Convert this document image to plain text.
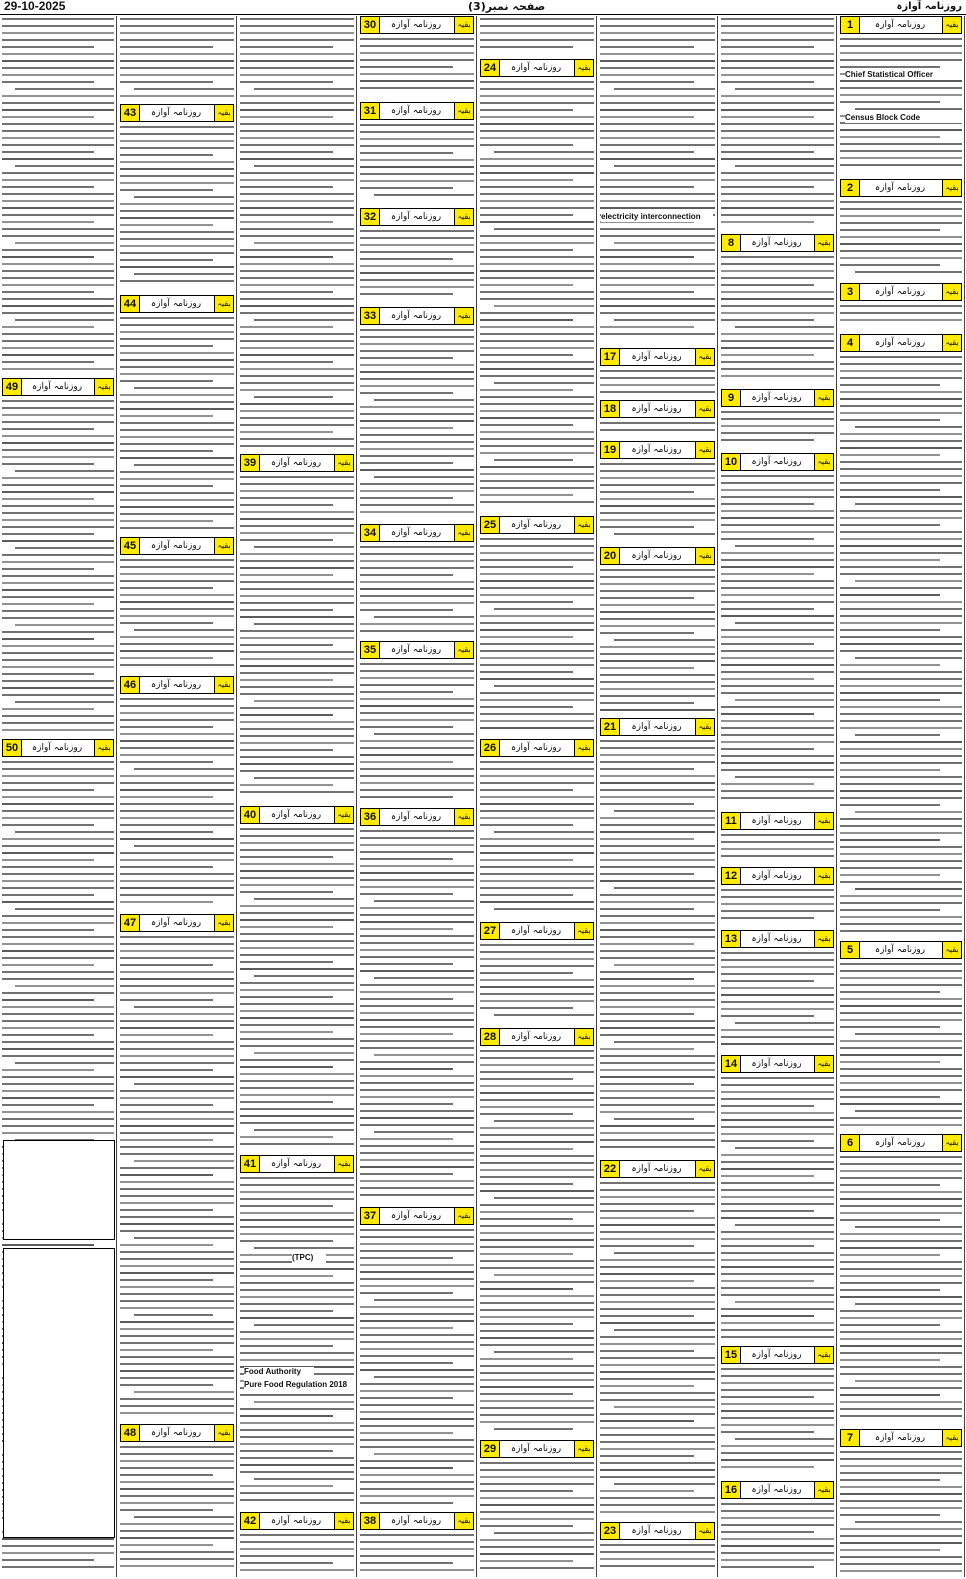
29-10-2025	صفحہ نمبر(3)	روزنامہ آوازہ
1	روزنامہ آوازہ	بقیہ
2	روزنامہ آوازہ	بقیہ
3	روزنامہ آوازہ	بقیہ
4	روزنامہ آوازہ	بقیہ
5	روزنامہ آوازہ	بقیہ
6	روزنامہ آوازہ	بقیہ
7	روزنامہ آوازہ	بقیہ
8	روزنامہ آوازہ	بقیہ
9	روزنامہ آوازہ	بقیہ
10	روزنامہ آوازہ	بقیہ
11	روزنامہ آوازہ	بقیہ
12	روزنامہ آوازہ	بقیہ
13	روزنامہ آوازہ	بقیہ
14	روزنامہ آوازہ	بقیہ
15	روزنامہ آوازہ	بقیہ
16	روزنامہ آوازہ	بقیہ
17	روزنامہ آوازہ	بقیہ
18	روزنامہ آوازہ	بقیہ
19	روزنامہ آوازہ	بقیہ
20	روزنامہ آوازہ	بقیہ
21	روزنامہ آوازہ	بقیہ
22	روزنامہ آوازہ	بقیہ
23	روزنامہ آوازہ	بقیہ
24	روزنامہ آوازہ	بقیہ
25	روزنامہ آوازہ	بقیہ
26	روزنامہ آوازہ	بقیہ
27	روزنامہ آوازہ	بقیہ
28	روزنامہ آوازہ	بقیہ
29	روزنامہ آوازہ	بقیہ
30	روزنامہ آوازہ	بقیہ
31	روزنامہ آوازہ	بقیہ
32	روزنامہ آوازہ	بقیہ
33	روزنامہ آوازہ	بقیہ
34	روزنامہ آوازہ	بقیہ
35	روزنامہ آوازہ	بقیہ
36	روزنامہ آوازہ	بقیہ
37	روزنامہ آوازہ	بقیہ
38	روزنامہ آوازہ	بقیہ
39	روزنامہ آوازہ	بقیہ
40	روزنامہ آوازہ	بقیہ
41	روزنامہ آوازہ	بقیہ
42	روزنامہ آوازہ	بقیہ
43	روزنامہ آوازہ	بقیہ
44	روزنامہ آوازہ	بقیہ
45	روزنامہ آوازہ	بقیہ
46	روزنامہ آوازہ	بقیہ
47	روزنامہ آوازہ	بقیہ
48	روزنامہ آوازہ	بقیہ
49	روزنامہ آوازہ	بقیہ
50	روزنامہ آوازہ	بقیہ
Chief Statistical Officer
Census Block Code
electricity interconnection
(TPC)
Food Authority
Pure Food Regulation 2018
